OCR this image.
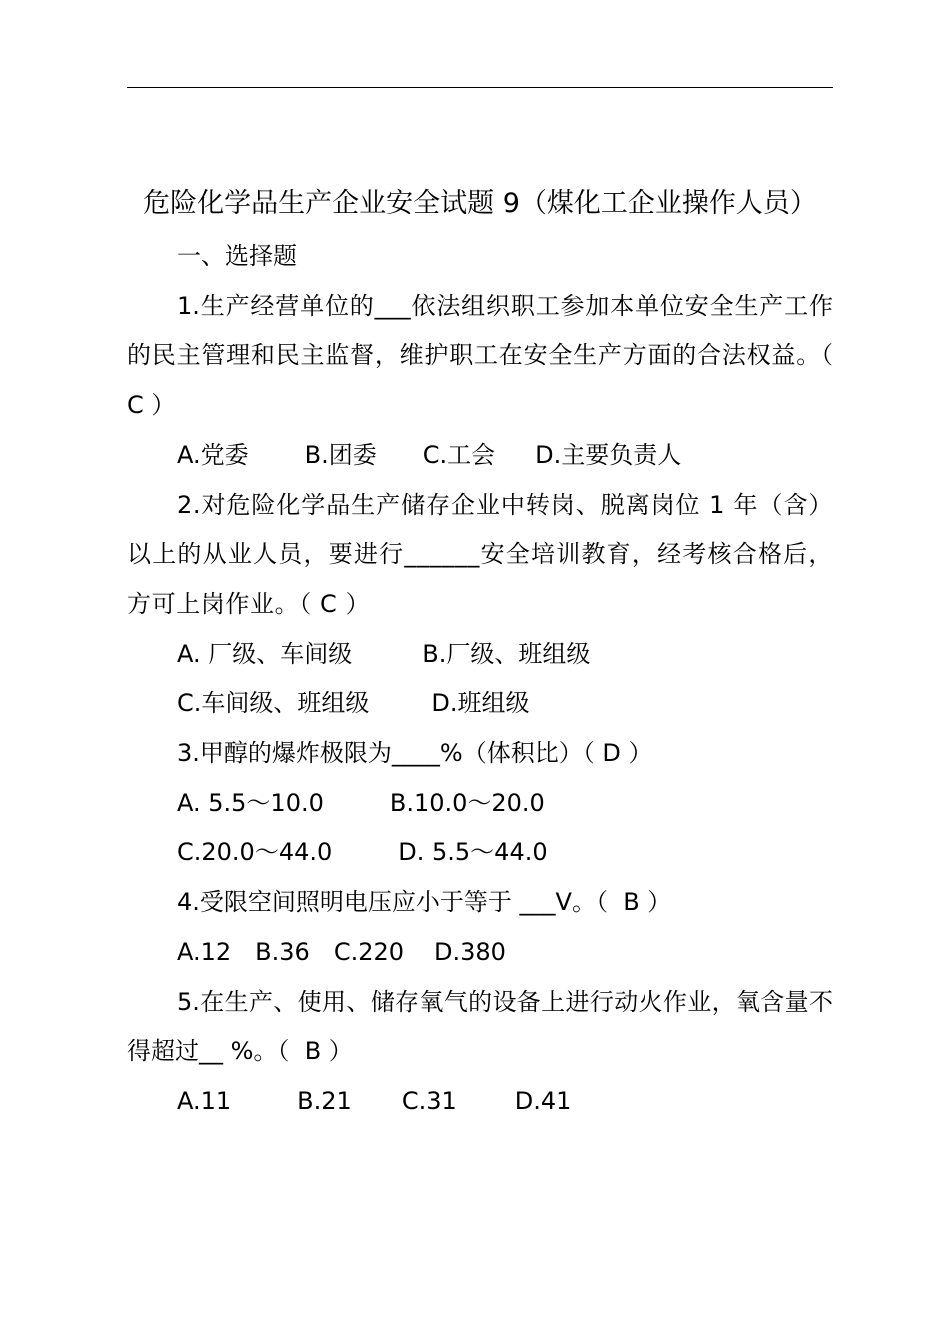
危险化学品生产企业安全试题 9（煤化工企业操作人员）

一、选择题

1.生产经营单位的___依法组织职工参加本单位安全生产工作的民主管理和民主监督，维护职工在安全生产方面的合法权益。（ C ）

A.党委 B.团委 C.工会 D.主要负责人

2.对危险化学品生产储存企业中转岗、脱离岗位 1 年（含）以上的从业人员，要进行______安全培训教育，经考核合格后，方可上岗作业。（ C ）

A. 厂级、车间级	B.厂级、班组级

C.车间级、班组级	D.班组级

3.甲醇的爆炸极限为____%（体积比）（ D ）

A. 5.5～10.0	B.10.0～20.0

C.20.0～44.0	D. 5.5～44.0

4.受限空间照明电压应小于等于 ___V。（  B ）

A.12 B.36 C.220 D.380

5.在生产、使用、储存氧气的设备上进行动火作业，氧含量不得超过__ %。（  B ）

A.11	B.21 C.31 D.41
